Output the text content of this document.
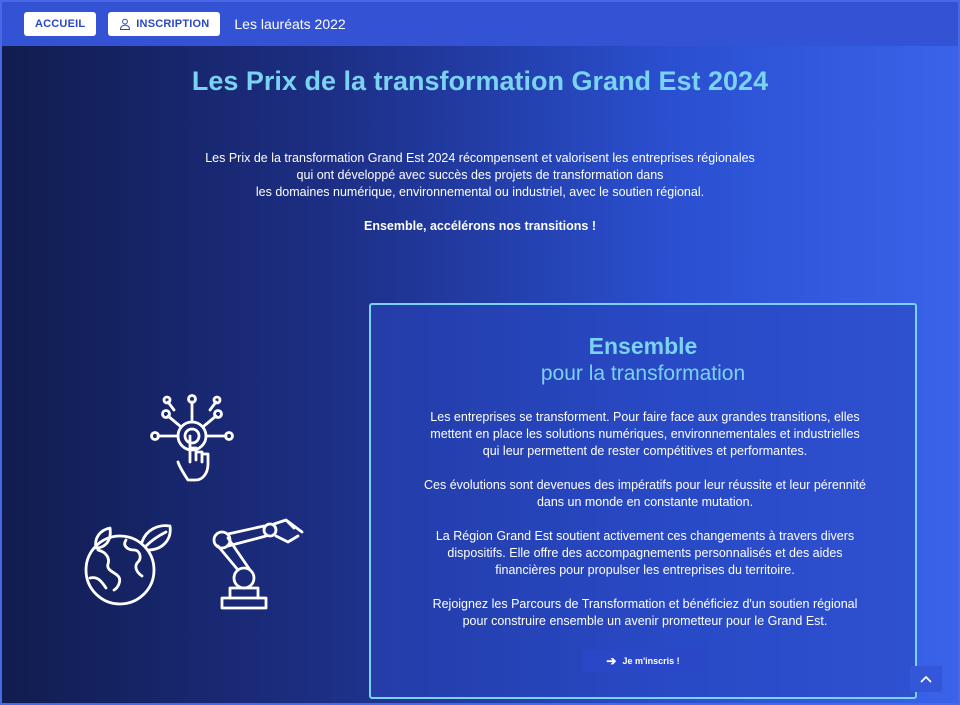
ACCUEIL	INSCRIPTION Les lauréats 2022
Les Prix de la transformation Grand Est 2024
Les Prix de la transformation Grand Est 2024 récompensent et valorisent les entreprises régionales
qui ont développé avec succès des projets de transformation dans
les domaines numérique, environnemental ou industriel, avec le soutien régional.
Ensemble, accélérons nos transitions !
Ensemble
pour la transformation

Les entreprises se transforment. Pour faire face aux grandes transitions, elles
mettent en place les solutions numériques, environnementales et industrielles
qui leur permettent de rester compétitives et performantes.

Ces évolutions sont devenues des impératifs pour leur réussite et leur pérennité
dans un monde en constante mutation.

La Région Grand Est soutient activement ces changements à travers divers
dispositifs. Elle offre des accompagnements personnalisés et des aides
financières pour propulser les entreprises du territoire.

Rejoignez les Parcours de Transformation et bénéficiez d'un soutien régional
pour construire ensemble un avenir prometteur pour le Grand Est.

➔ Je m'inscris !
